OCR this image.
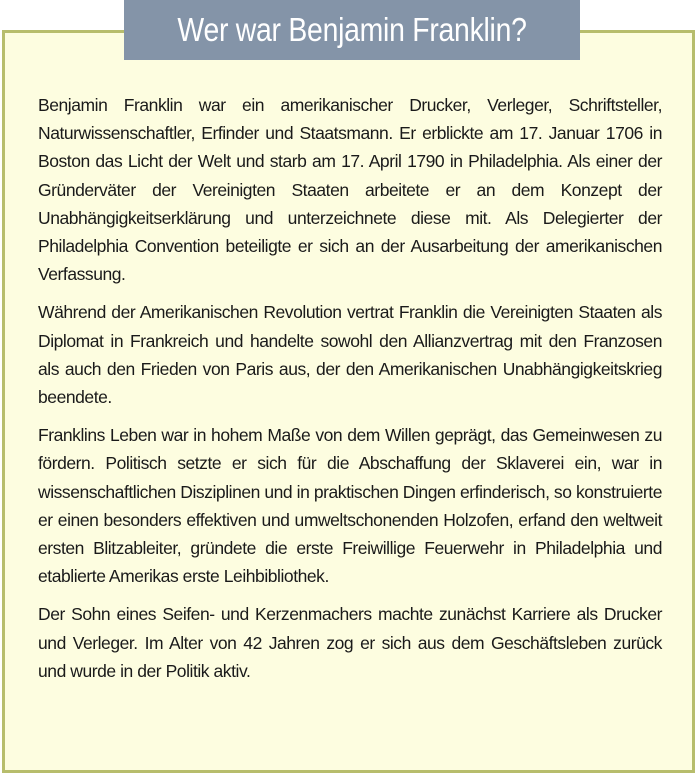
Wer war Benjamin Franklin?

Benjamin Franklin war ein amerikanischer Drucker, Verleger, Schriftsteller, Naturwissenschaftler, Erfinder und Staatsmann. Er erblickte am 17. Januar 1706 in Boston das Licht der Welt und starb am 17. April 1790 in Philadelphia. Als einer der Gründerväter der Vereinigten Staaten arbeitete er an dem Konzept der Unabhängigkeitserklärung und unterzeichnete diese mit. Als Delegierter der Philadelphia Convention beteiligte er sich an der Ausarbeitung der amerikanischen Verfassung.

Während der Amerikanischen Revolution vertrat Franklin die Vereinigten Staaten als Diplomat in Frankreich und handelte sowohl den Allianzvertrag mit den Franzosen als auch den Frieden von Paris aus, der den Amerikanischen Unabhängigkeitskrieg beendete.

Franklins Leben war in hohem Maße von dem Willen geprägt, das Gemeinwesen zu fördern. Politisch setzte er sich für die Abschaffung der Sklaverei ein, war in wissenschaftlichen Disziplinen und in praktischen Dingen erfinderisch, so konstruierte er einen besonders effektiven und umweltschonenden Holzofen, erfand den weltweit ersten Blitzableiter, gründete die erste Freiwillige Feuerwehr in Philadelphia und etablierte Amerikas erste Leihbibliothek.

Der Sohn eines Seifen- und Kerzenmachers machte zunächst Karriere als Drucker und Verleger. Im Alter von 42 Jahren zog er sich aus dem Geschäftsleben zurück und wurde in der Politik aktiv.
